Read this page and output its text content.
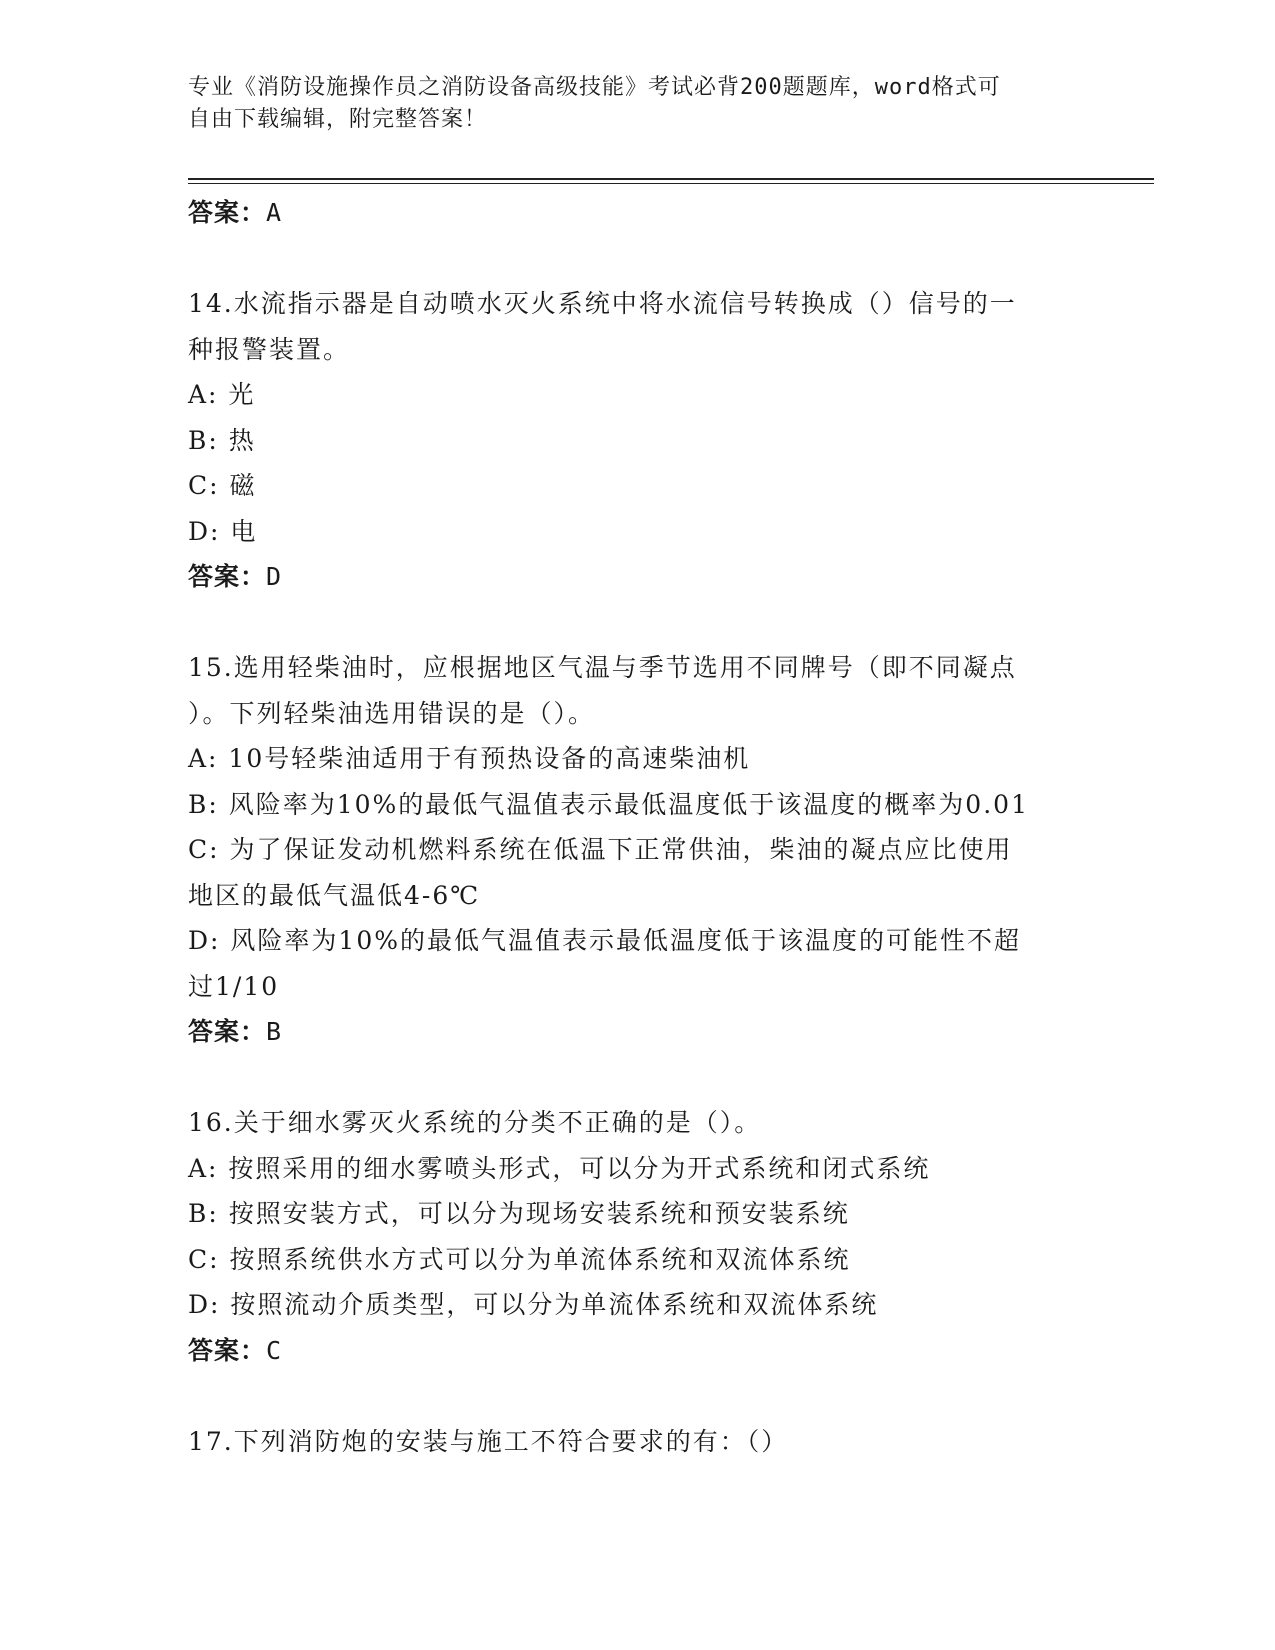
专业《消防设施操作员之消防设备高级技能》考试必背200题题库，word格式可
自由下载编辑，附完整答案！

答案：A

14.水流指示器是自动喷水灭火系统中将水流信号转换成（）信号的一

种报警装置。

A: 光

B: 热

C: 磁

D: 电

答案：D

15.选用轻柴油时，应根据地区气温与季节选用不同牌号（即不同凝点

）。下列轻柴油选用错误的是（）。

A: 10号轻柴油适用于有预热设备的高速柴油机

B: 风险率为10%的最低气温值表示最低温度低于该温度的概率为0.01

C: 为了保证发动机燃料系统在低温下正常供油，柴油的凝点应比使用

地区的最低气温低4-6℃

D: 风险率为10%的最低气温值表示最低温度低于该温度的可能性不超

过1/10

答案：B

16.关于细水雾灭火系统的分类不正确的是（）。

A: 按照采用的细水雾喷头形式，可以分为开式系统和闭式系统

B: 按照安装方式，可以分为现场安装系统和预安装系统

C: 按照系统供水方式可以分为单流体系统和双流体系统

D: 按照流动介质类型，可以分为单流体系统和双流体系统

答案：C

17.下列消防炮的安装与施工不符合要求的有：（）
